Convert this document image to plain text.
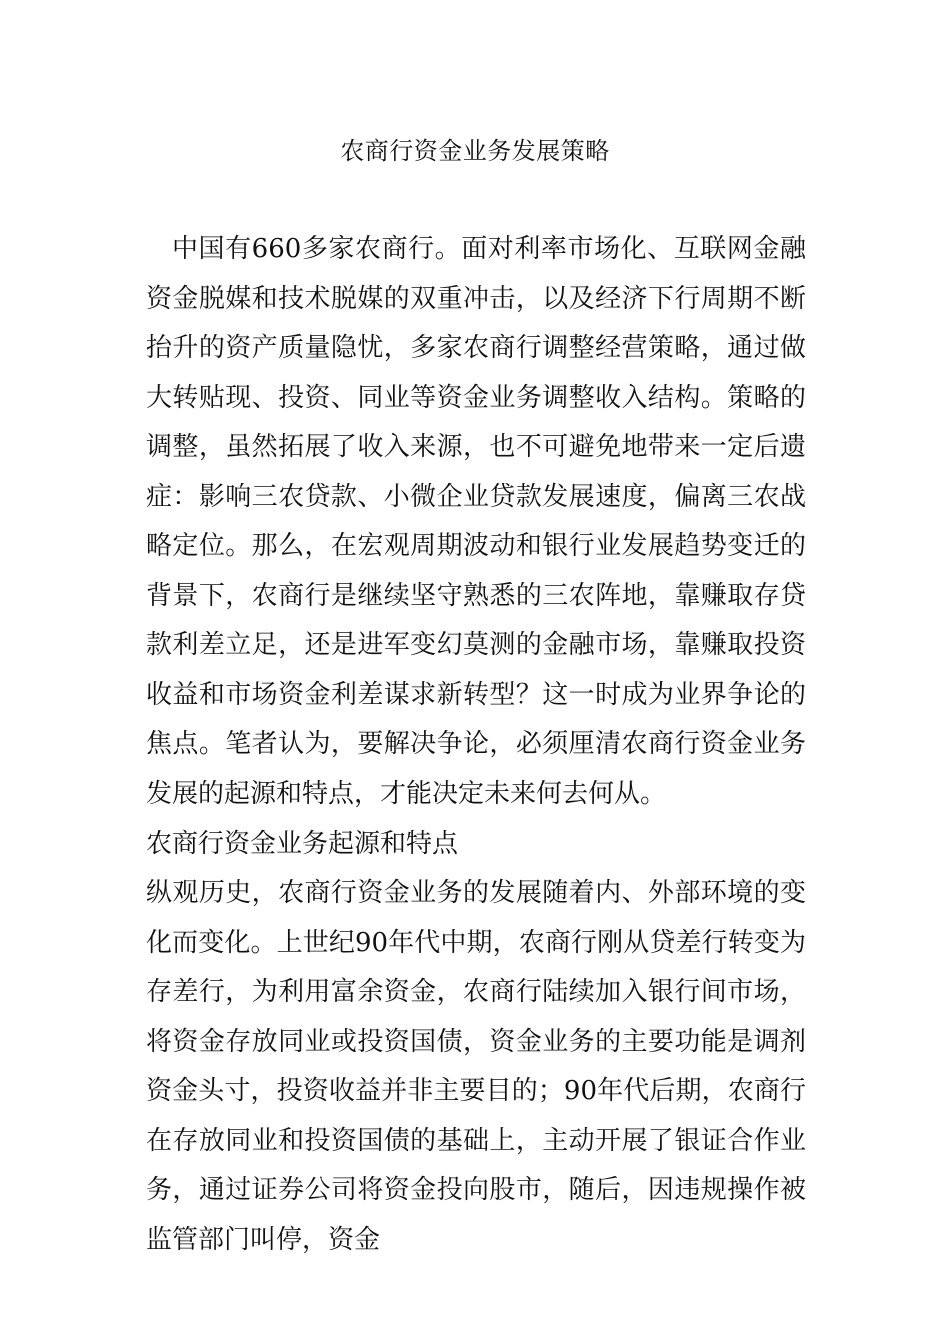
农商行资金业务发展策略

中国有660多家农商行。面对利率市场化、互联网金融资金脱媒和技术脱媒的双重冲击，以及经济下行周期不断抬升的资产质量隐忧，多家农商行调整经营策略，通过做大转贴现、投资、同业等资金业务调整收入结构。策略的调整，虽然拓展了收入来源，也不可避免地带来一定后遗症：影响三农贷款、小微企业贷款发展速度，偏离三农战略定位。那么，在宏观周期波动和银行业发展趋势变迁的背景下，农商行是继续坚守熟悉的三农阵地，靠赚取存贷款利差立足，还是进军变幻莫测的金融市场，靠赚取投资收益和市场资金利差谋求新转型？这一时成为业界争论的焦点。笔者认为，要解决争论，必须厘清农商行资金业务发展的起源和特点，才能决定未来何去何从。

农商行资金业务起源和特点

纵观历史，农商行资金业务的发展随着内、外部环境的变化而变化。上世纪90年代中期，农商行刚从贷差行转变为存差行，为利用富余资金，农商行陆续加入银行间市场，将资金存放同业或投资国债，资金业务的主要功能是调剂资金头寸，投资收益并非主要目的；90年代后期，农商行在存放同业和投资国债的基础上，主动开展了银证合作业务，通过证券公司将资金投向股市，随后，因违规操作被监管部门叫停，资金
